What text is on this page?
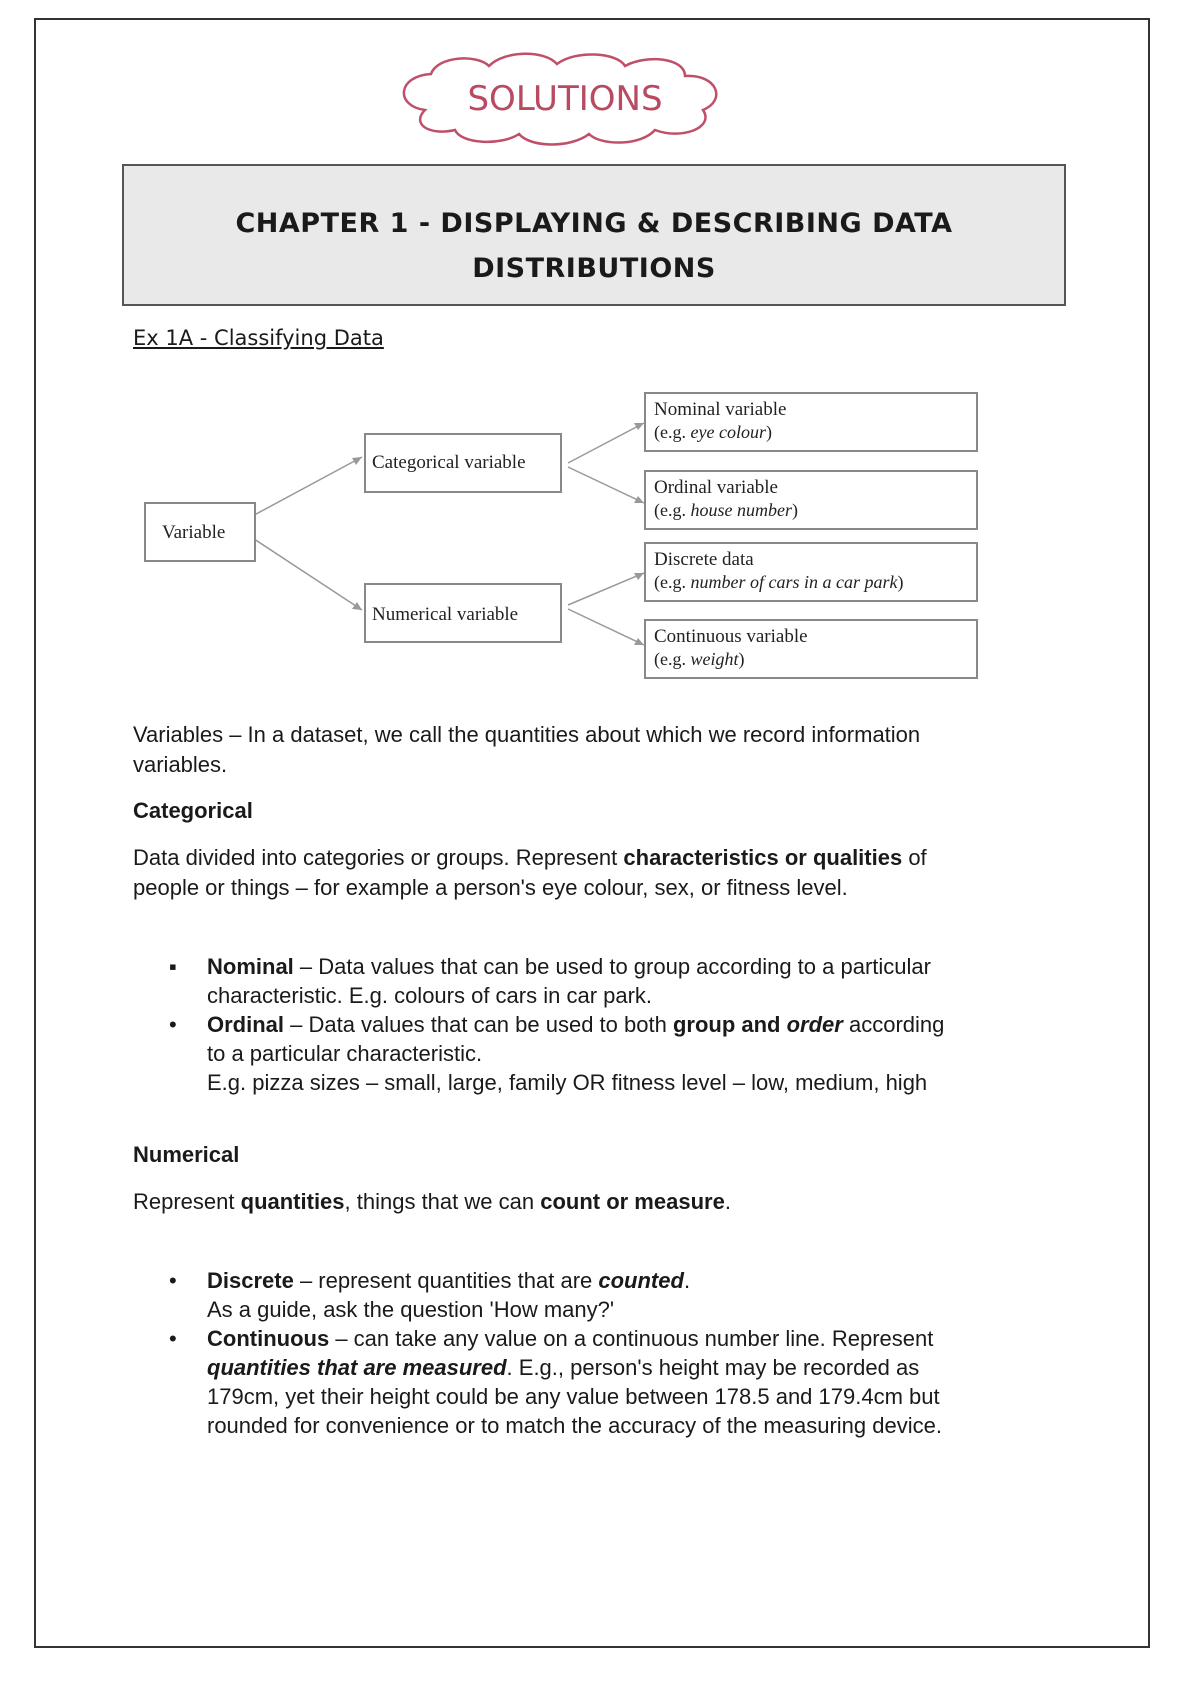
SOLUTIONS
CHAPTER 1 - DISPLAYING & DESCRIBING DATA
DISTRIBUTIONS
Ex 1A - Classifying Data
Variable
Categorical variable
Numerical variable
Nominal variable
(e.g. eye colour)
Ordinal variable
(e.g. house number)
Discrete data
(e.g. number of cars in a car park)
Continuous variable
(e.g. weight)

Variables – In a dataset, we call the quantities about which we record information
variables.

Categorical

Data divided into categories or groups. Represent characteristics or qualities of
people or things – for example a person's eye colour, sex, or fitness level.

▪ Nominal – Data values that can be used to group according to a particular
characteristic. E.g. colours of cars in car park.
• Ordinal – Data values that can be used to both group and order according
to a particular characteristic.
E.g. pizza sizes – small, large, family OR fitness level – low, medium, high
Numerical

Represent quantities, things that we can count or measure.

• Discrete – represent quantities that are counted.
As a guide, ask the question 'How many?'
• Continuous – can take any value on a continuous number line. Represent
quantities that are measured. E.g., person's height may be recorded as
179cm, yet their height could be any value between 178.5 and 179.4cm but
rounded for convenience or to match the accuracy of the measuring device.
